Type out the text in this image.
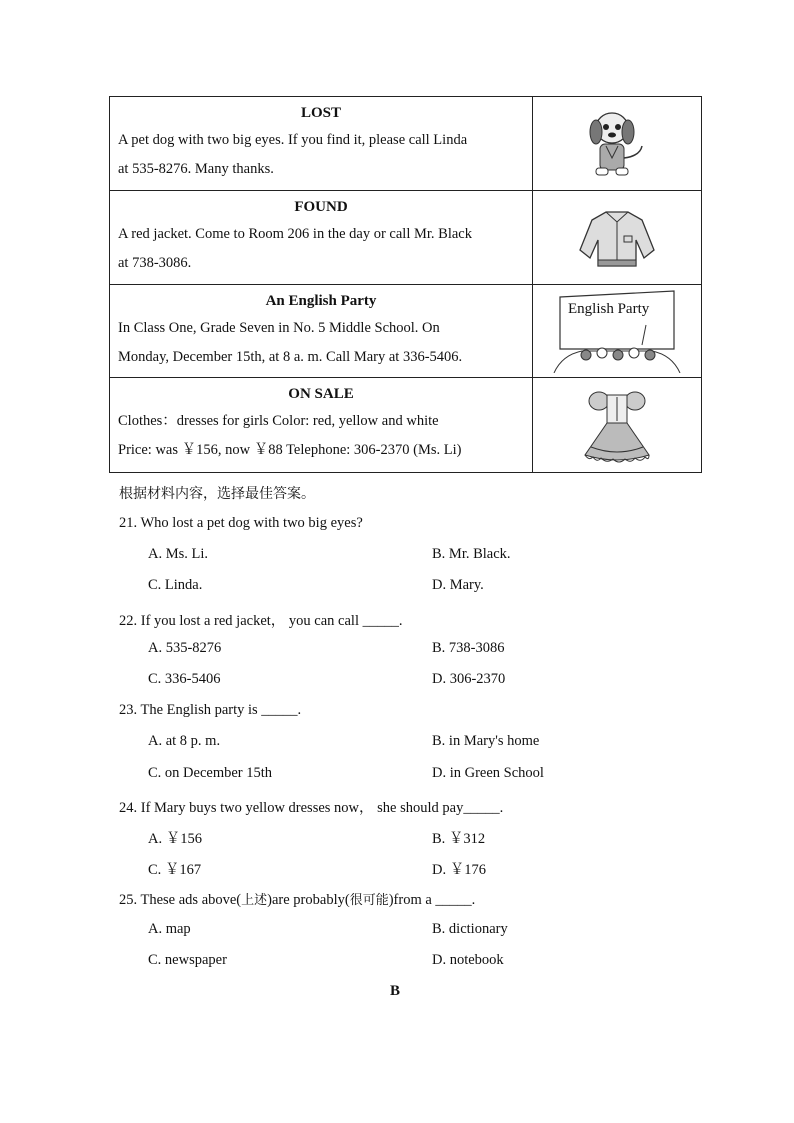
LOST
A pet dog with two big eyes. If you find it, please call Linda
at 535-8276. Many thanks.

FOUND
A red jacket. Come to Room 206 in the day or call Mr. Black
at 738-3086.

An English Party
In Class One, Grade Seven in No. 5 Middle School. On
Monday, December 15th, at 8 a. m. Call Mary at 336-5406.	English Party

ON SALE
Clothes：dresses for girls Color: red, yellow and white
Price: was ￥156, now ￥88 Telephone: 306-2370 (Ms. Li)

根据材料内容，选择最佳答案。
21. Who lost a pet dog with two big eyes?
A. Ms. Li.	B. Mr. Black.
C. Linda.	D. Mary.
22. If you lost a red jacket， you can call _____.
A. 535-8276	B. 738-3086
C. 336-5406	D. 306-2370
23. The English party is _____.
A. at 8 p. m.	B. in Mary's home
C. on December 15th	D. in Green School
24. If Mary buys two yellow dresses now， she should pay_____.
A. ￥156	B. ￥312
C. ￥167	D. ￥176
25. These ads above(上述)are probably(很可能)from a _____.
A. map	B. dictionary
C. newspaper	D. notebook
B
